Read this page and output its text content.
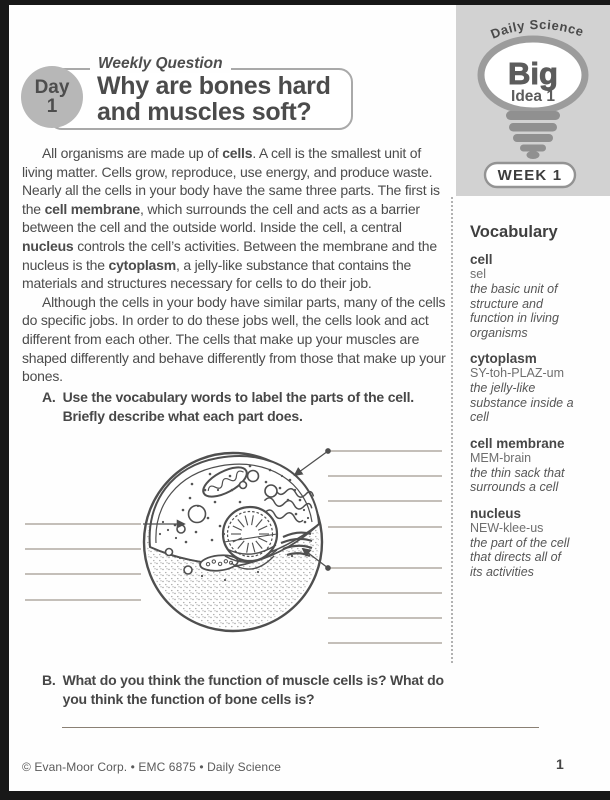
Day
1
Weekly Question
Why are bones hard
and muscles soft?
Daily Science
Big
Idea 1
WEEK 1

All organisms are made up of cells. A cell is the smallest unit of living matter. Cells grow, reproduce, use energy, and produce waste. Nearly all the cells in your body have the same three parts. The first is the cell membrane, which surrounds the cell and acts as a barrier between the cell and the outside world. Inside the cell, a central nucleus controls the cell’s activities. Between the membrane and the nucleus is the cytoplasm, a jelly-like substance that contains the materials and structures necessary for cells to do their job.

Although the cells in your body have similar parts, many of the cells do specific jobs. In order to do these jobs well, the cells look and act different from each other. The cells that make up your muscles are shaped differently and behave differently from those that make up your bones.

A. Use the vocabulary words to label the parts of the cell. Briefly describe what each part does.
B. What do you think the function of muscle cells is? What do you think the function of bone cells is?
Vocabulary
cell
sel
the basic unit of structure and function in living organisms
cytoplasm
SY-toh-PLAZ-um
the jelly-like substance inside a cell
cell membrane
MEM-brain
the thin sack that surrounds a cell
nucleus
NEW-klee-us
the part of the cell that directs all of its activities
© Evan-Moor Corp. • EMC 6875 • Daily Science	1
